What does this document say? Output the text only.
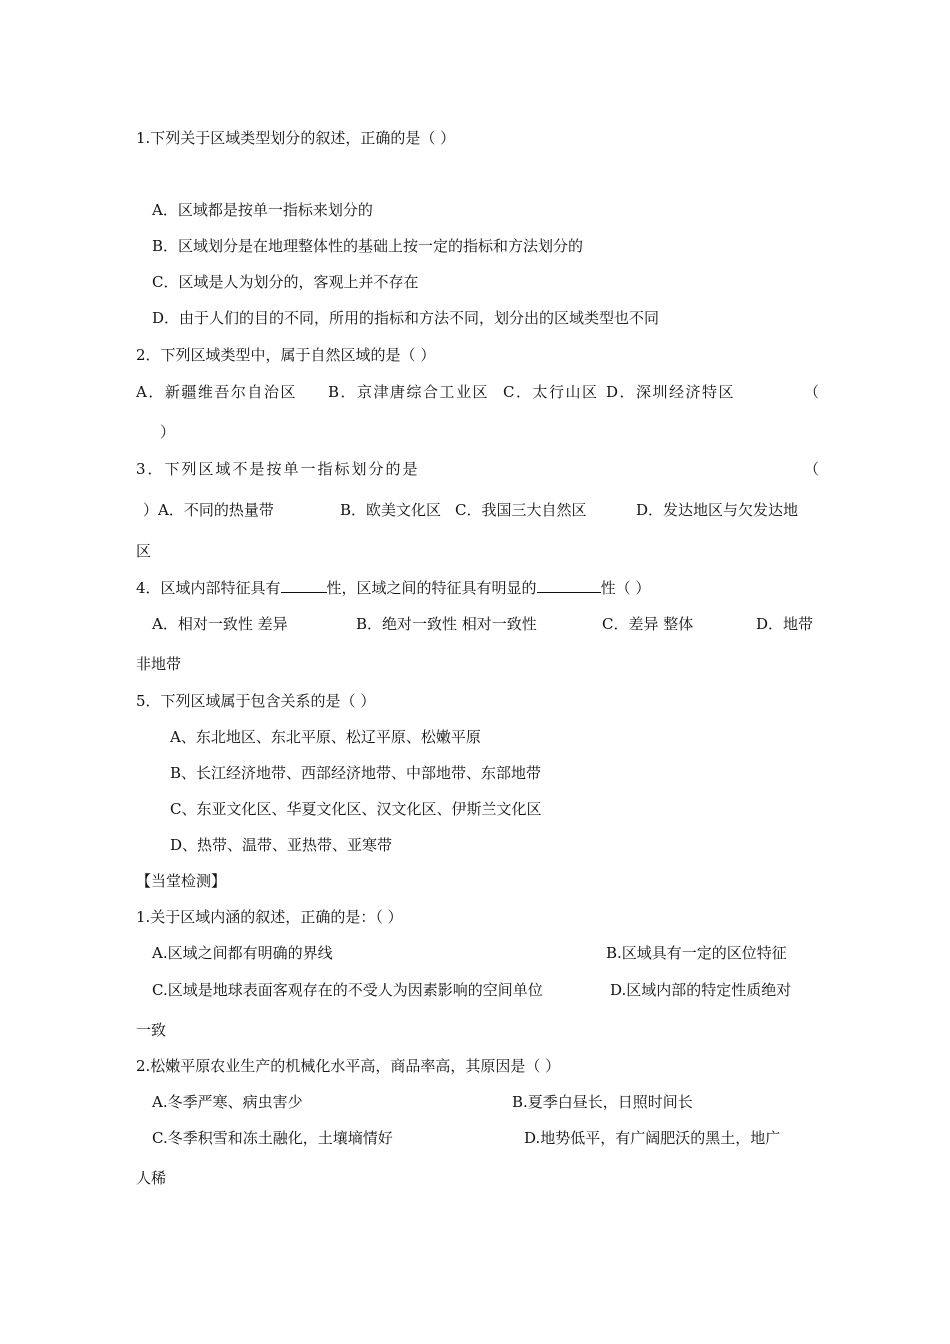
1.下列关于区域类型划分的叙述，正确的是（ ）
A．区域都是按单一指标来划分的
B．区域划分是在地理整体性的基础上按一定的指标和方法划分的
C．区域是人为划分的，客观上并不存在
D．由于人们的目的不同，所用的指标和方法不同，划分出的区域类型也不同
2．下列区域类型中，属于自然区域的是（ ）
A．新疆维吾尔自治区 B．京津唐综合工业区 C．太行山区 D．深圳经济特区	（
）
3．下列区域不是按单一指标划分的是	（
）A．不同的热量带	B．欧美文化区 C．我国三大自然区	D．发达地区与欠发达地
区
4．区域内部特征具有	性，区域之间的特征具有明显的	性（ ）
A．相对一致性 差异	B．绝对一致性 相对一致性	C．差异 整体	D．地带
非地带
5．下列区域属于包含关系的是（ ）
A、东北地区、东北平原、松辽平原、松嫩平原
B、长江经济地带、西部经济地带、中部地带、东部地带
C、东亚文化区、华夏文化区、汉文化区、伊斯兰文化区
D、热带、温带、亚热带、亚寒带
【当堂检测】
1.关于区域内涵的叙述，正确的是：（ ）
A.区域之间都有明确的界线	B.区域具有一定的区位特征
C.区域是地球表面客观存在的不受人为因素影响的空间单位	D.区域内部的特定性质绝对
一致
2.松嫩平原农业生产的机械化水平高，商品率高，其原因是（ ）
A.冬季严寒、病虫害少	B.夏季白昼长，日照时间长
C.冬季积雪和冻土融化，土壤墒情好	D.地势低平，有广阔肥沃的黑土，地广
人稀
